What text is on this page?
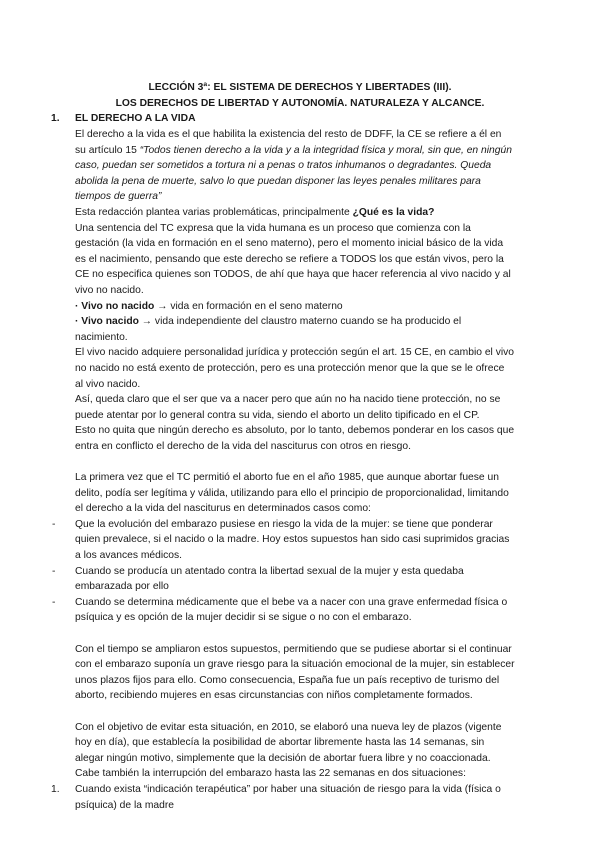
LECCIÓN 3ª: EL SISTEMA DE DERECHOS Y LIBERTADES (III).
LOS DERECHOS DE LIBERTAD Y AUTONOMÍA. NATURALEZA Y ALCANCE.
1. EL DERECHO A LA VIDA

El derecho a la vida es el que habilita la existencia del resto de DDFF, la CE se refiere a él en su artículo 15 “Todos tienen derecho a la vida y a la integridad física y moral, sin que, en ningún caso, puedan ser sometidos a tortura ni a penas o tratos inhumanos o degradantes. Queda abolida la pena de muerte, salvo lo que puedan disponer las leyes penales militares para tiempos de guerra”

Esta redacción plantea varias problemáticas, principalmente ¿Qué es la vida?

Una sentencia del TC expresa que la vida humana es un proceso que comienza con la gestación (la vida en formación en el seno materno), pero el momento inicial básico de la vida es el nacimiento, pensando que este derecho se refiere a TODOS los que están vivos, pero la CE no especifica quienes son TODOS, de ahí que haya que hacer referencia al vivo nacido y al vivo no nacido.

· Vivo no nacido → vida en formación en el seno materno

· Vivo nacido → vida independiente del claustro materno cuando se ha producido el nacimiento.

El vivo nacido adquiere personalidad jurídica y protección según el art. 15 CE, en cambio el vivo no nacido no está exento de protección, pero es una protección menor que la que se le ofrece al vivo nacido.

Así, queda claro que el ser que va a nacer pero que aún no ha nacido tiene protección, no se puede atentar por lo general contra su vida, siendo el aborto un delito tipificado en el CP.

Esto no quita que ningún derecho es absoluto, por lo tanto, debemos ponderar en los casos que entra en conflicto el derecho de la vida del nasciturus con otros en riesgo.

La primera vez que el TC permitió el aborto fue en el año 1985, que aunque abortar fuese un delito, podía ser legítima y válida, utilizando para ello el principio de proporcionalidad, limitando el derecho a la vida del nasciturus en determinados casos como:

- Que la evolución del embarazo pusiese en riesgo la vida de la mujer: se tiene que ponderar quien prevalece, si el nacido o la madre. Hoy estos supuestos han sido casi suprimidos gracias a los avances médicos.

- Cuando se producía un atentado contra la libertad sexual de la mujer y esta quedaba embarazada por ello

- Cuando se determina médicamente que el bebe va a nacer con una grave enfermedad física o psíquica y es opción de la mujer decidir si se sigue o no con el embarazo.

Con el tiempo se ampliaron estos supuestos, permitiendo que se pudiese abortar si el continuar con el embarazo suponía un grave riesgo para la situación emocional de la mujer, sin establecer unos plazos fijos para ello. Como consecuencia, España fue un país receptivo de turismo del aborto, recibiendo mujeres en esas circunstancias con niños completamente formados.

Con el objetivo de evitar esta situación, en 2010, se elaboró una nueva ley de plazos (vigente hoy en día), que establecía la posibilidad de abortar libremente hasta las 14 semanas, sin alegar ningún motivo, simplemente que la decisión de abortar fuera libre y no coaccionada.

Cabe también la interrupción del embarazo hasta las 22 semanas en dos situaciones:

1. Cuando exista “indicación terapéutica” por haber una situación de riesgo para la vida (física o psíquica) de la madre
